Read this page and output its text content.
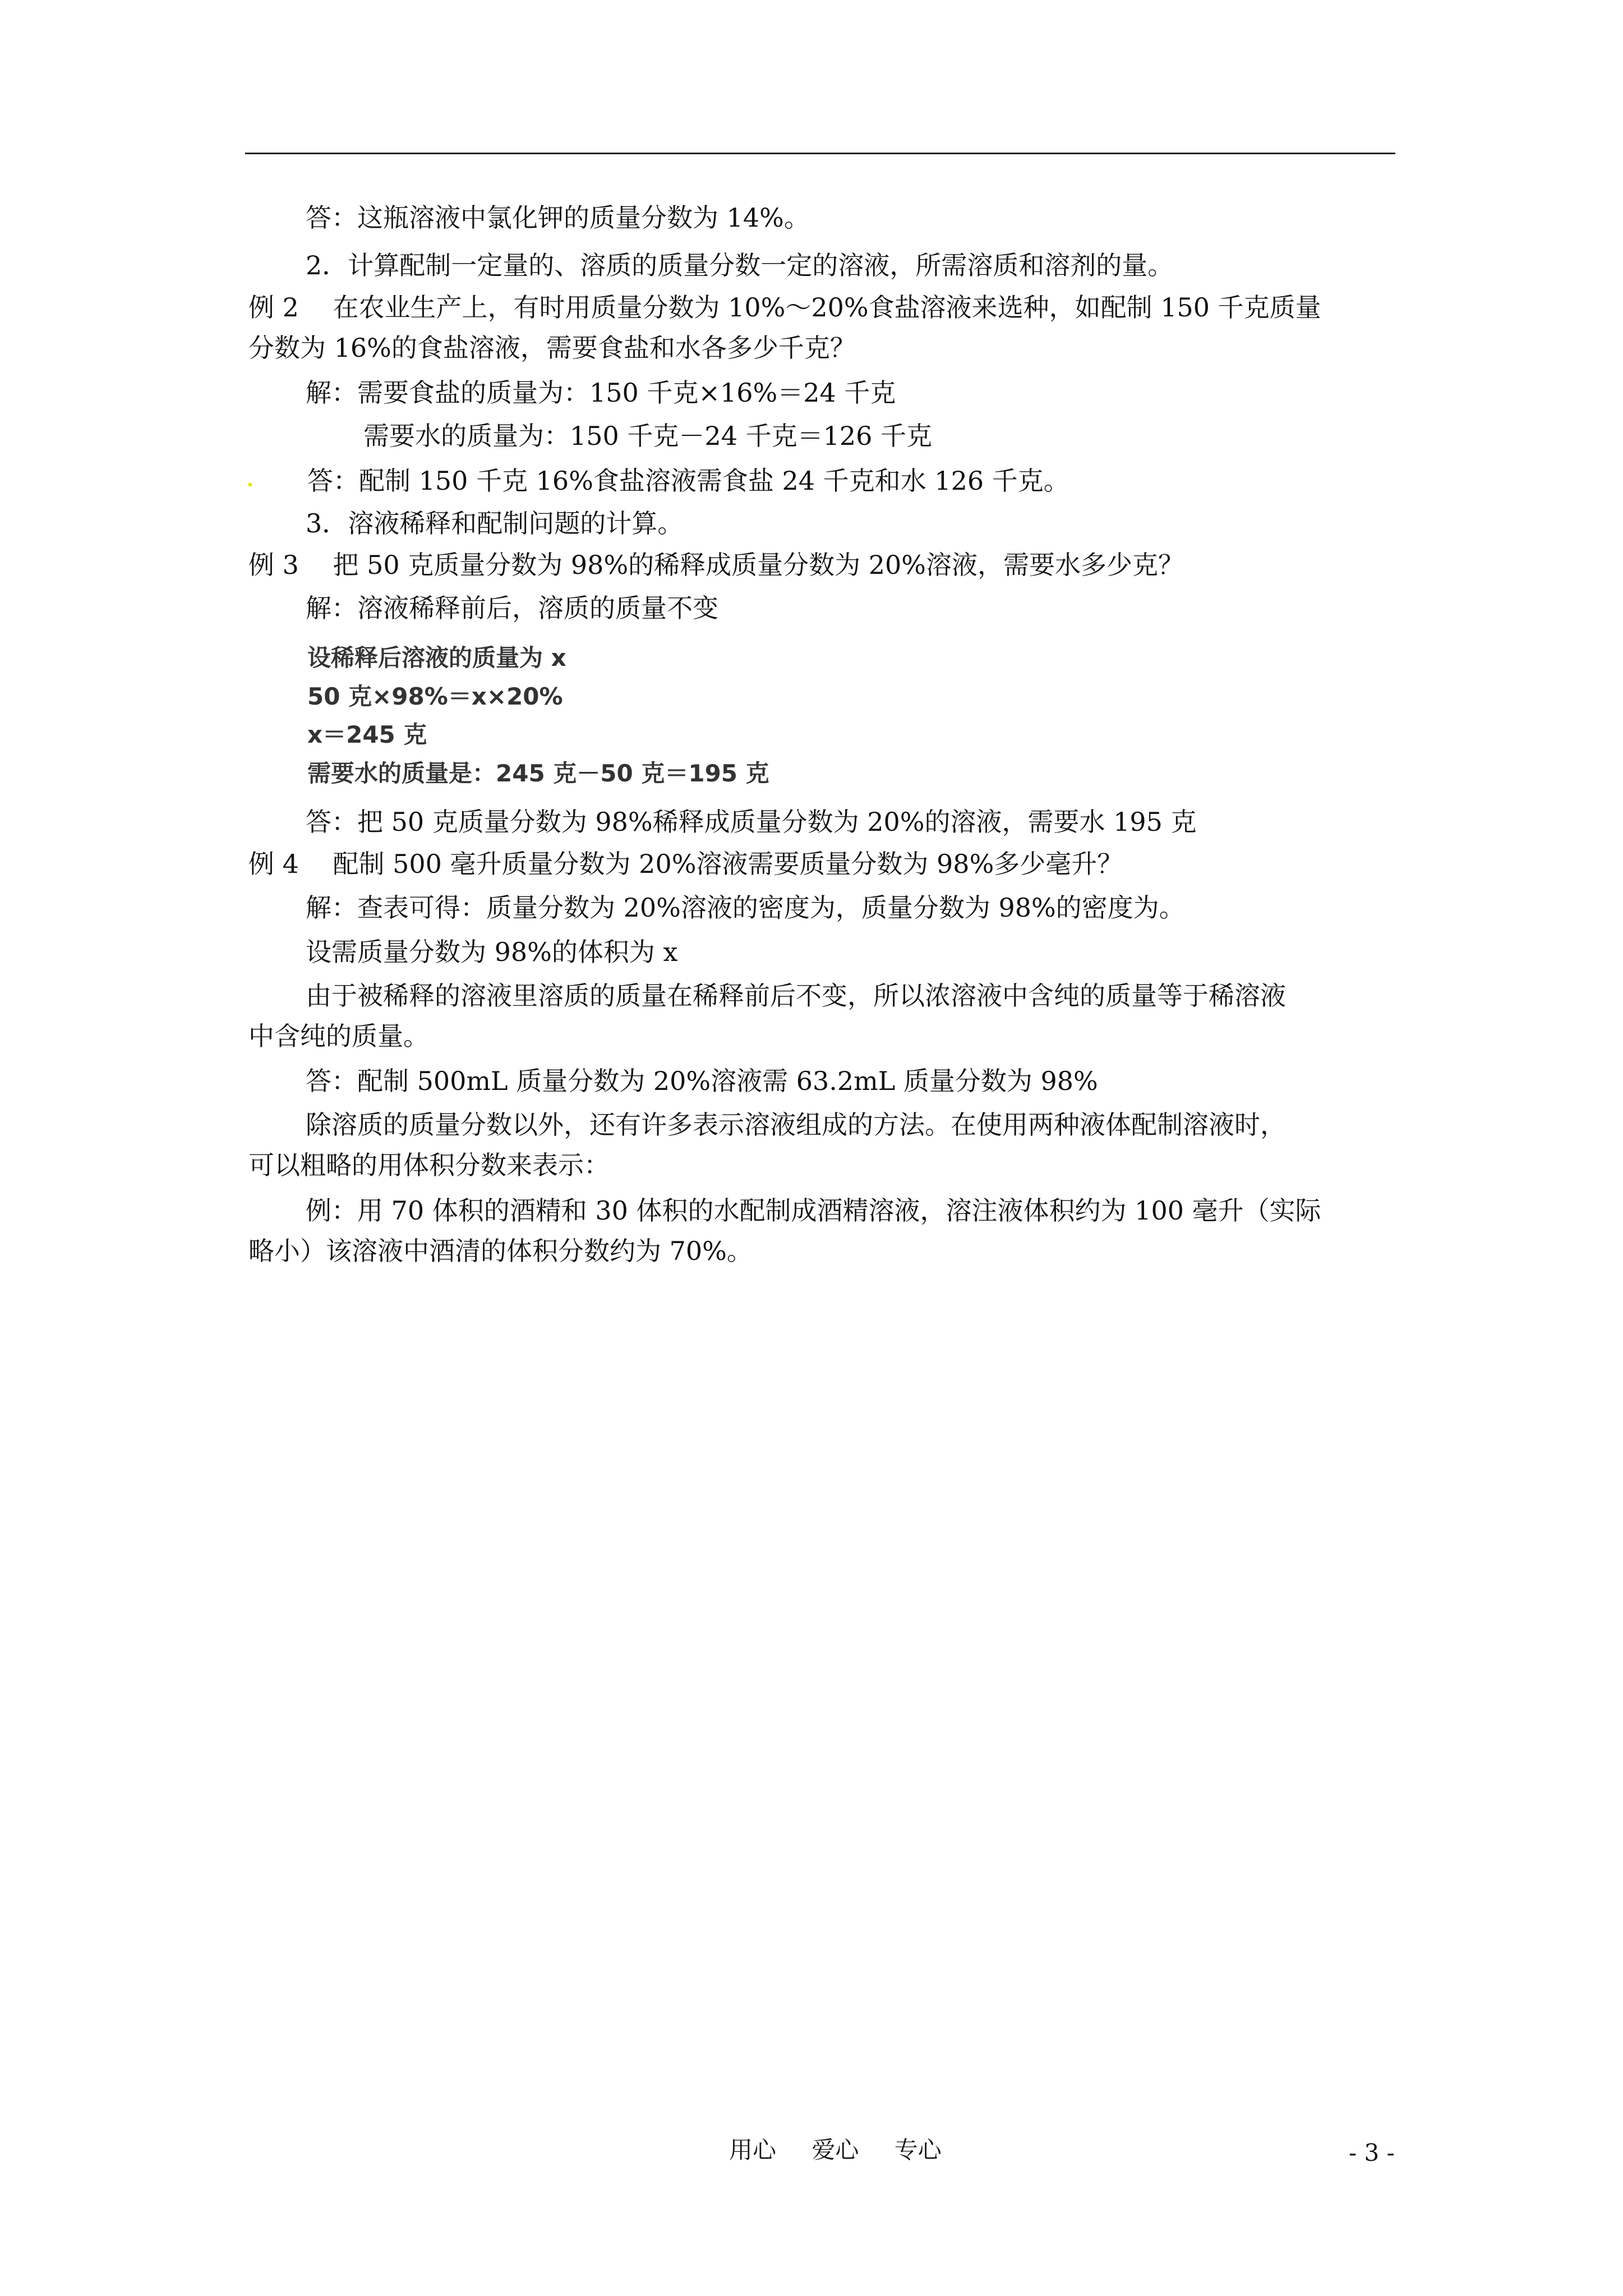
答：这瓶溶液中氯化钾的质量分数为 14%。
2．计算配制一定量的、溶质的质量分数一定的溶液，所需溶质和溶剂的量。
例 2　 在农业生产上，有时用质量分数为 10%～20%食盐溶液来选种，如配制 150 千克质量
分数为 16%的食盐溶液，需要食盐和水各多少千克？
解：需要食盐的质量为：150 千克×16%＝24 千克
需要水的质量为：150 千克－24 千克＝126 千克
答：配制 150 千克 16%食盐溶液需食盐 24 千克和水 126 千克。
3．溶液稀释和配制问题的计算。
例 3　 把 50 克质量分数为 98%的稀释成质量分数为 20%溶液，需要水多少克？
解：溶液稀释前后，溶质的质量不变
设稀释后溶液的质量为 x
50 克×98%＝x×20%
x＝245 克
需要水的质量是：245 克－50 克＝195 克
答：把 50 克质量分数为 98%稀释成质量分数为 20%的溶液，需要水 195 克
例 4　 配制 500 毫升质量分数为 20%溶液需要质量分数为 98%多少毫升？
解：查表可得：质量分数为 20%溶液的密度为，质量分数为 98%的密度为。
设需质量分数为 98%的体积为 x
由于被稀释的溶液里溶质的质量在稀释前后不变，所以浓溶液中含纯的质量等于稀溶液
中含纯的质量。
答：配制 500mL 质量分数为 20%溶液需 63.2mL 质量分数为 98%
除溶质的质量分数以外，还有许多表示溶液组成的方法。在使用两种液体配制溶液时，
可以粗略的用体积分数来表示：
例：用 70 体积的酒精和 30 体积的水配制成酒精溶液，溶注液体积约为 100 毫升（实际
略小）该溶液中酒清的体积分数约为 70%。
用心 爱心 专心	- 3 -
